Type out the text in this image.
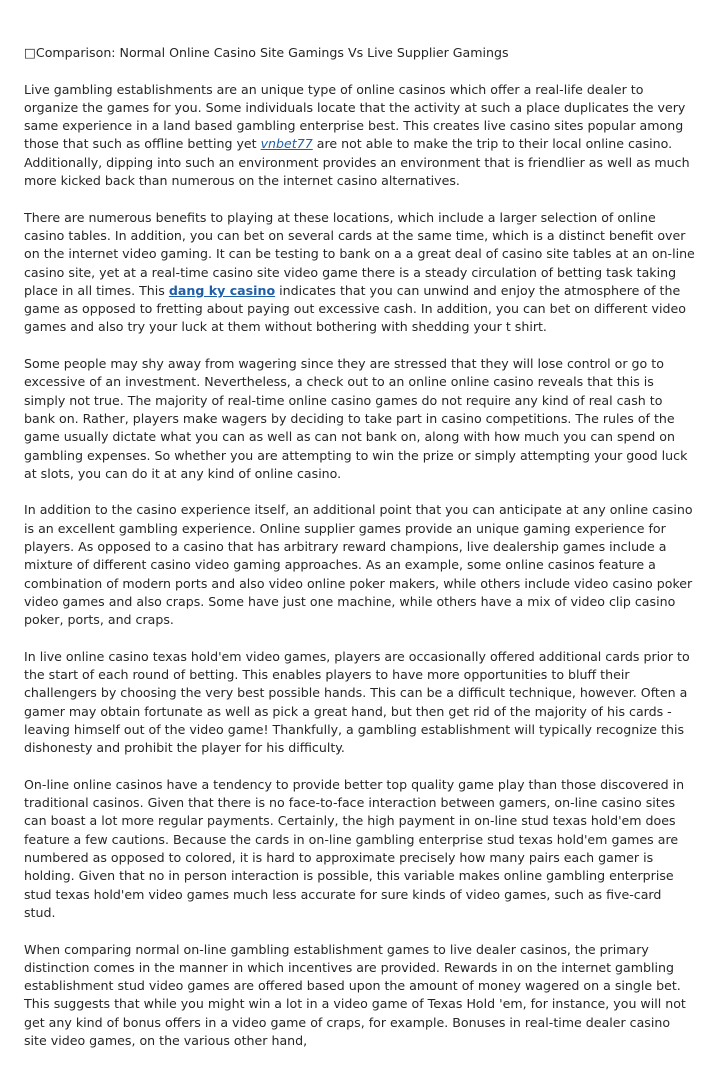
□Comparison: Normal Online Casino Site Gamings Vs Live Supplier Gamings

Live gambling establishments are an unique type of online casinos which offer a real-life dealer to organize the games for you. Some individuals locate that the activity at such a place duplicates the very same experience in a land based gambling enterprise best. This creates live casino sites popular among those that such as offline betting yet vnbet77 are not able to make the trip to their local online casino. Additionally, dipping into such an environment provides an environment that is friendlier as well as much more kicked back than numerous on the internet casino alternatives.

There are numerous benefits to playing at these locations, which include a larger selection of online casino tables. In addition, you can bet on several cards at the same time, which is a distinct benefit over on the internet video gaming. It can be testing to bank on a a great deal of casino site tables at an on-line casino site, yet at a real-time casino site video game there is a steady circulation of betting task taking place in all times. This dang ky casino indicates that you can unwind and enjoy the atmosphere of the game as opposed to fretting about paying out excessive cash. In addition, you can bet on different video games and also try your luck at them without bothering with shedding your t shirt.

Some people may shy away from wagering since they are stressed that they will lose control or go to excessive of an investment. Nevertheless, a check out to an online online casino reveals that this is simply not true. The majority of real-time online casino games do not require any kind of real cash to bank on. Rather, players make wagers by deciding to take part in casino competitions. The rules of the game usually dictate what you can as well as can not bank on, along with how much you can spend on gambling expenses. So whether you are attempting to win the prize or simply attempting your good luck at slots, you can do it at any kind of online casino.

In addition to the casino experience itself, an additional point that you can anticipate at any online casino is an excellent gambling experience. Online supplier games provide an unique gaming experience for players. As opposed to a casino that has arbitrary reward champions, live dealership games include a mixture of different casino video gaming approaches. As an example, some online casinos feature a combination of modern ports and also video online poker makers, while others include video casino poker video games and also craps. Some have just one machine, while others have a mix of video clip casino poker, ports, and craps.

In live online casino texas hold'em video games, players are occasionally offered additional cards prior to the start of each round of betting. This enables players to have more opportunities to bluff their challengers by choosing the very best possible hands. This can be a difficult technique, however. Often a gamer may obtain fortunate as well as pick a great hand, but then get rid of the majority of his cards - leaving himself out of the video game! Thankfully, a gambling establishment will typically recognize this dishonesty and prohibit the player for his difficulty.

On-line online casinos have a tendency to provide better top quality game play than those discovered in traditional casinos. Given that there is no face-to-face interaction between gamers, on-line casino sites can boast a lot more regular payments. Certainly, the high payment in on-line stud texas hold'em does feature a few cautions. Because the cards in on-line gambling enterprise stud texas hold'em games are numbered as opposed to colored, it is hard to approximate precisely how many pairs each gamer is holding. Given that no in person interaction is possible, this variable makes online gambling enterprise stud texas hold'em video games much less accurate for sure kinds of video games, such as five-card stud.

When comparing normal on-line gambling establishment games to live dealer casinos, the primary distinction comes in the manner in which incentives are provided. Rewards in on the internet gambling establishment stud video games are offered based upon the amount of money wagered on a single bet. This suggests that while you might win a lot in a video game of Texas Hold 'em, for instance, you will not get any kind of bonus offers in a video game of craps, for example. Bonuses in real-time dealer casino site video games, on the various other hand,
